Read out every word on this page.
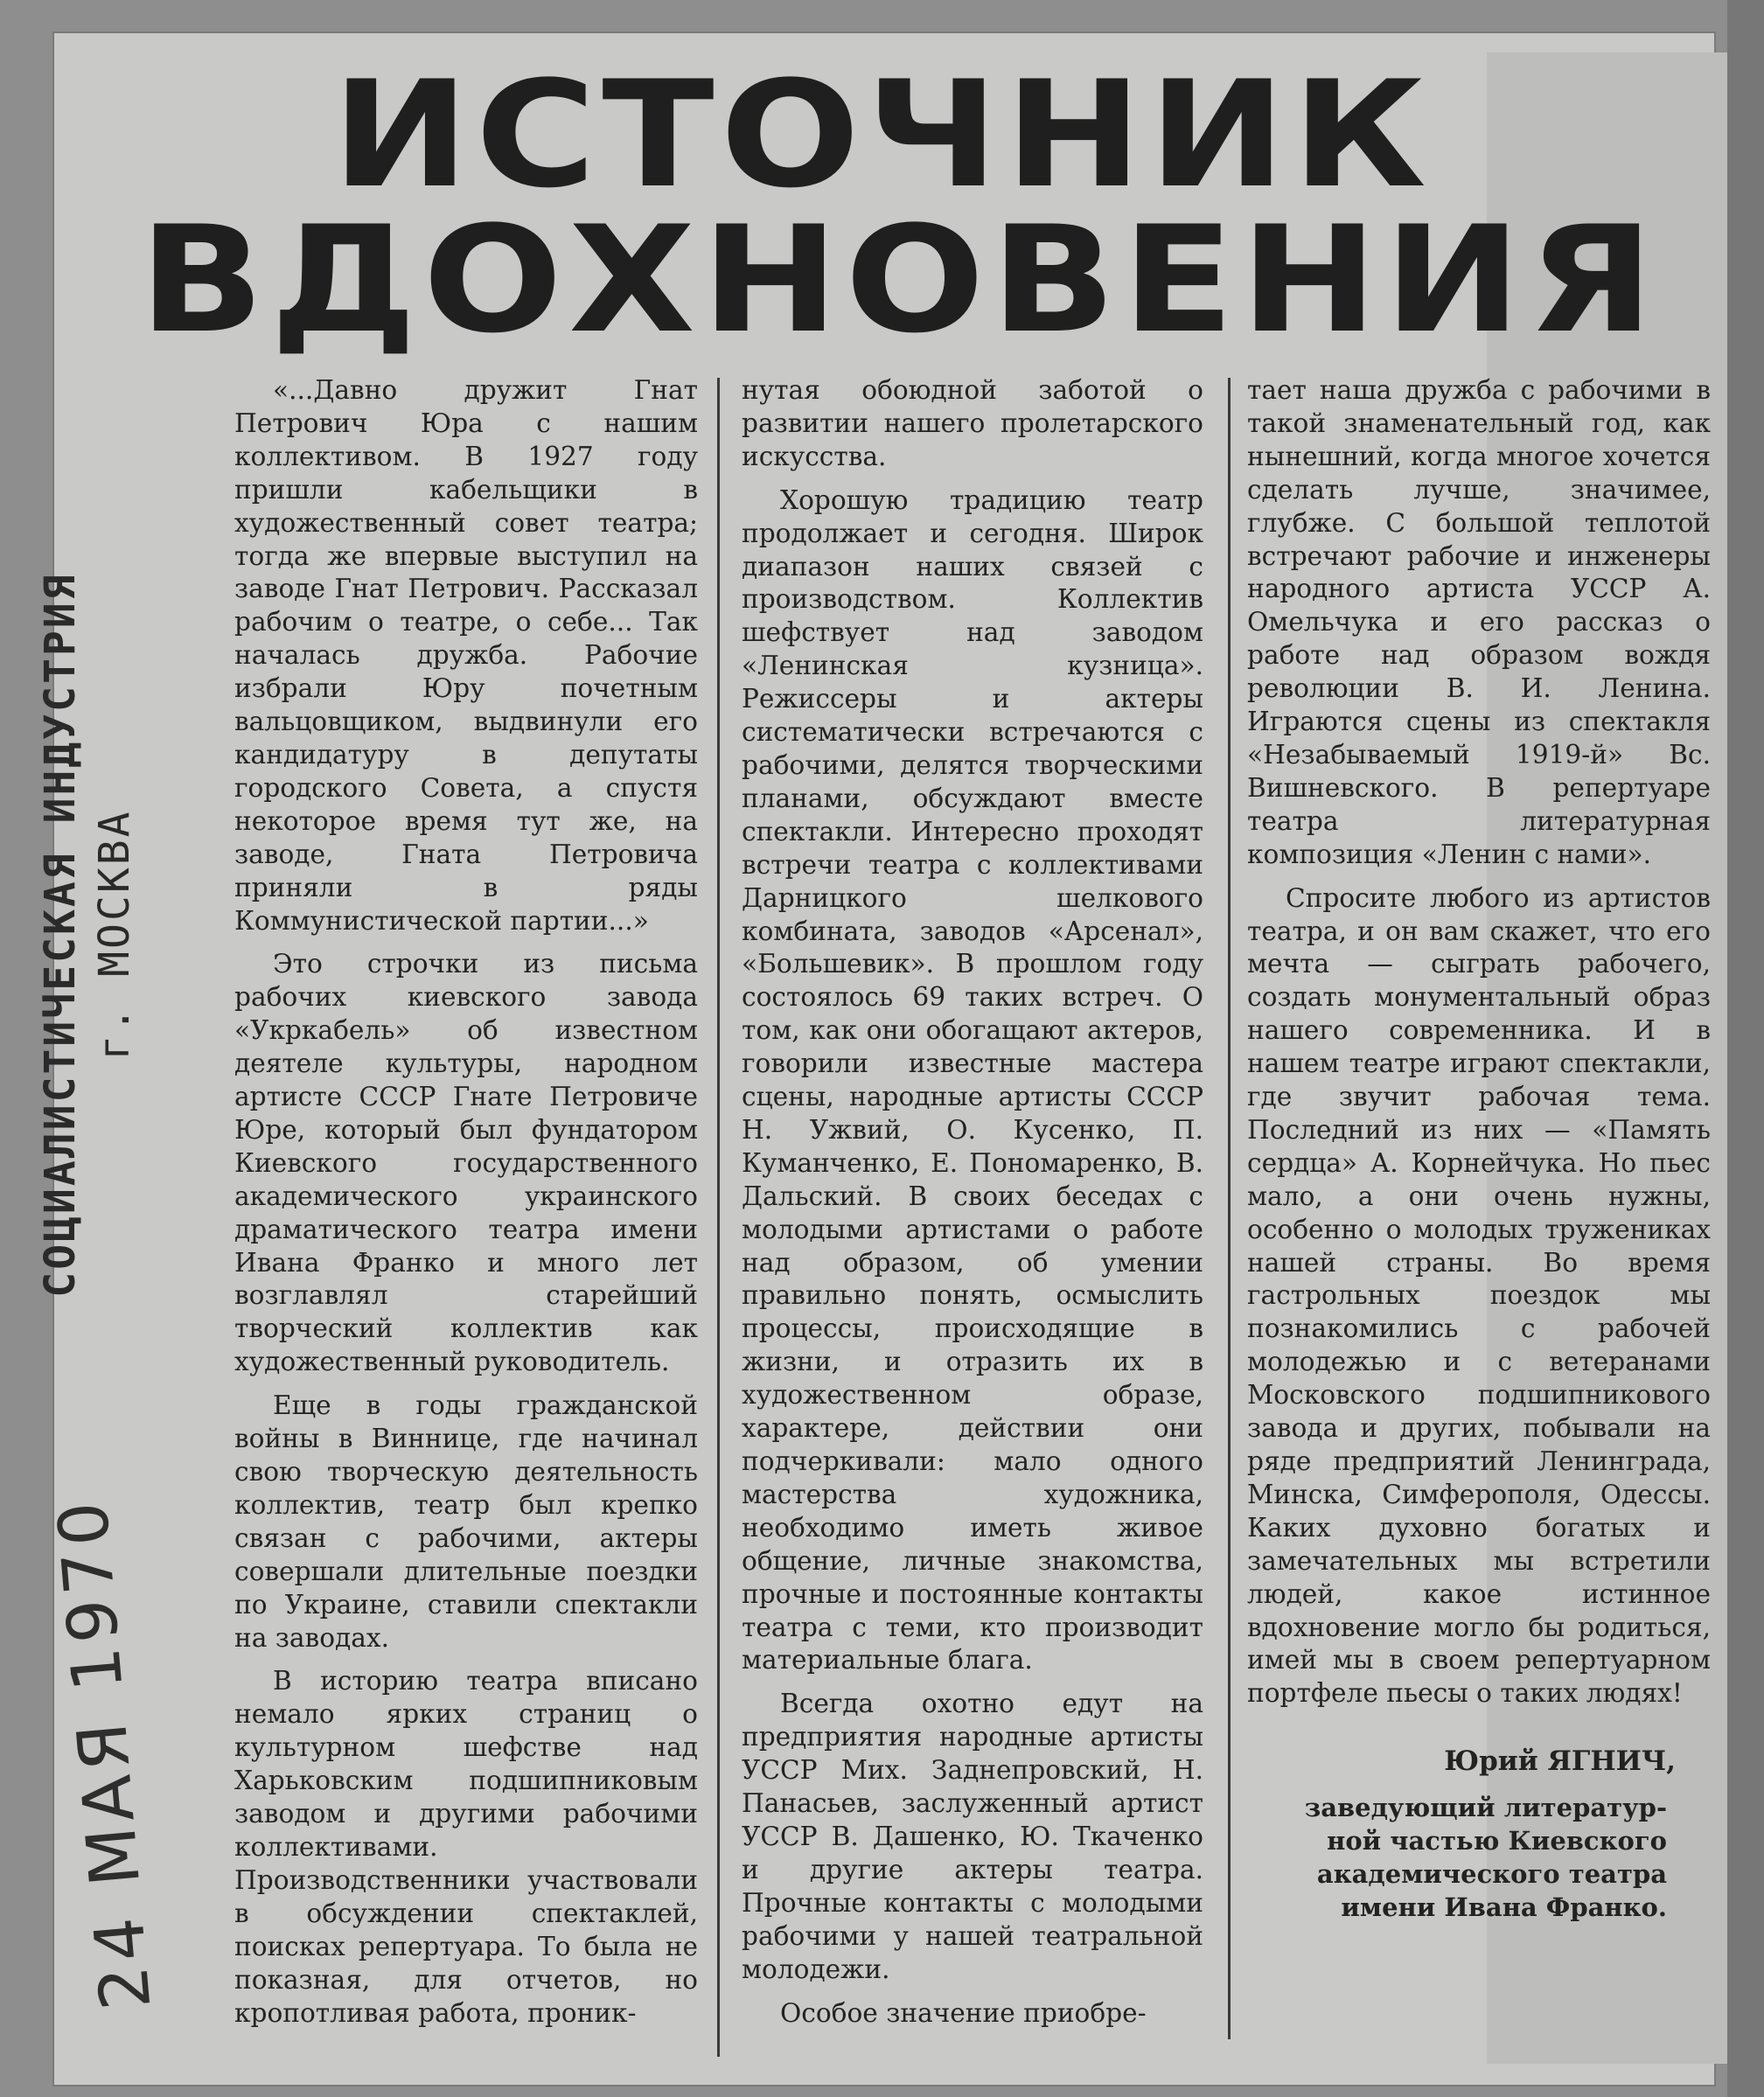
ИСТОЧНИК
ВДОХНОВЕНИЯ
СОЦИАЛИСТИЧЕСКАЯ ИНДУСТРИЯ г. МОСКВА
24 МАЯ 1970

«...Давно дружит Гнат Петрович Юра с нашим коллективом. В 1927 году пришли кабельщики в художественный совет театра; тогда же впервые выступил на заводе Гнат Петрович. Рассказал рабочим о театре, о себе... Так началась дружба. Рабочие избрали Юру почетным вальцовщиком, выдвинули его кандидатуру в депутаты городского Совета, а спустя некоторое время тут же, на заводе, Гната Петровича приняли в ряды Коммунистической партии...»

Это строчки из письма рабочих киевского завода «Укркабель» об известном деятеле культуры, народном артисте СССР Гнате Петровиче Юре, который был фундатором Киевского государственного академического украинского драматического театра имени Ивана Франко и много лет возглавлял старейший творческий коллектив как художественный руководитель.

Еще в годы гражданской войны в Виннице, где начинал свою творческую деятельность коллектив, театр был крепко связан с рабочими, актеры совершали длительные поездки по Украине, ставили спектакли на заводах.

В историю театра вписано немало ярких страниц о культурном шефстве над Харьковским подшипниковым заводом и другими рабочими коллективами. Производственники участвовали в обсуждении спектаклей, поисках репертуара. То была не показная, для отчетов, но кропотливая работа, проник-

нутая обоюдной заботой о развитии нашего пролетарского искусства.

Хорошую традицию театр продолжает и сегодня. Широк диапазон наших связей с производством. Коллектив шефствует над заводом «Ленинская кузница». Режиссеры и актеры систематически встречаются с рабочими, делятся творческими планами, обсуждают вместе спектакли. Интересно проходят встречи театра с коллективами Дарницкого шелкового комбината, заводов «Арсенал», «Большевик». В прошлом году состоялось 69 таких встреч. О том, как они обогащают актеров, говорили известные мастера сцены, народные артисты СССР Н. Ужвий, О. Кусенко, П. Куманченко, Е. Пономаренко, В. Дальский. В своих беседах с молодыми артистами о работе над образом, об умении правильно понять, осмыслить процессы, происходящие в жизни, и отразить их в художественном образе, характере, действии они подчеркивали: мало одного мастерства художника, необходимо иметь живое общение, личные знакомства, прочные и постоянные контакты театра с теми, кто производит материальные блага.

Всегда охотно едут на предприятия народные артисты УССР Мих. Заднепровский, Н. Панасьев, заслуженный артист УССР В. Дашенко, Ю. Ткаченко и другие актеры театра. Прочные контакты с молодыми рабочими у нашей театральной молодежи.

Особое значение приобре-

тает наша дружба с рабочими в такой знаменательный год, как нынешний, когда многое хочется сделать лучше, значимее, глубже. С большой теплотой встречают рабочие и инженеры народного артиста УССР А. Омельчука и его рассказ о работе над образом вождя революции В. И. Ленина. Играются сцены из спектакля «Незабываемый 1919-й» Вс. Вишневского. В репертуаре театра литературная композиция «Ленин с нами».

Спросите любого из артистов театра, и он вам скажет, что его мечта — сыграть рабочего, создать монументальный образ нашего современника. И в нашем театре играют спектакли, где звучит рабочая тема. Последний из них — «Память сердца» А. Корнейчука. Но пьес мало, а они очень нужны, особенно о молодых тружениках нашей страны. Во время гастрольных поездок мы познакомились с рабочей молодежью и с ветеранами Московского подшипникового завода и других, побывали на ряде предприятий Ленинграда, Минска, Симферополя, Одессы. Каких духовно богатых и замечательных мы встретили людей, какое истинное вдохновение могло бы родиться, имей мы в своем репертуарном портфеле пьесы о таких людях!

Юрий ЯГНИЧ,
заведующий литератур-
ной частью Киевского
академического театра
имени Ивана Франко.
